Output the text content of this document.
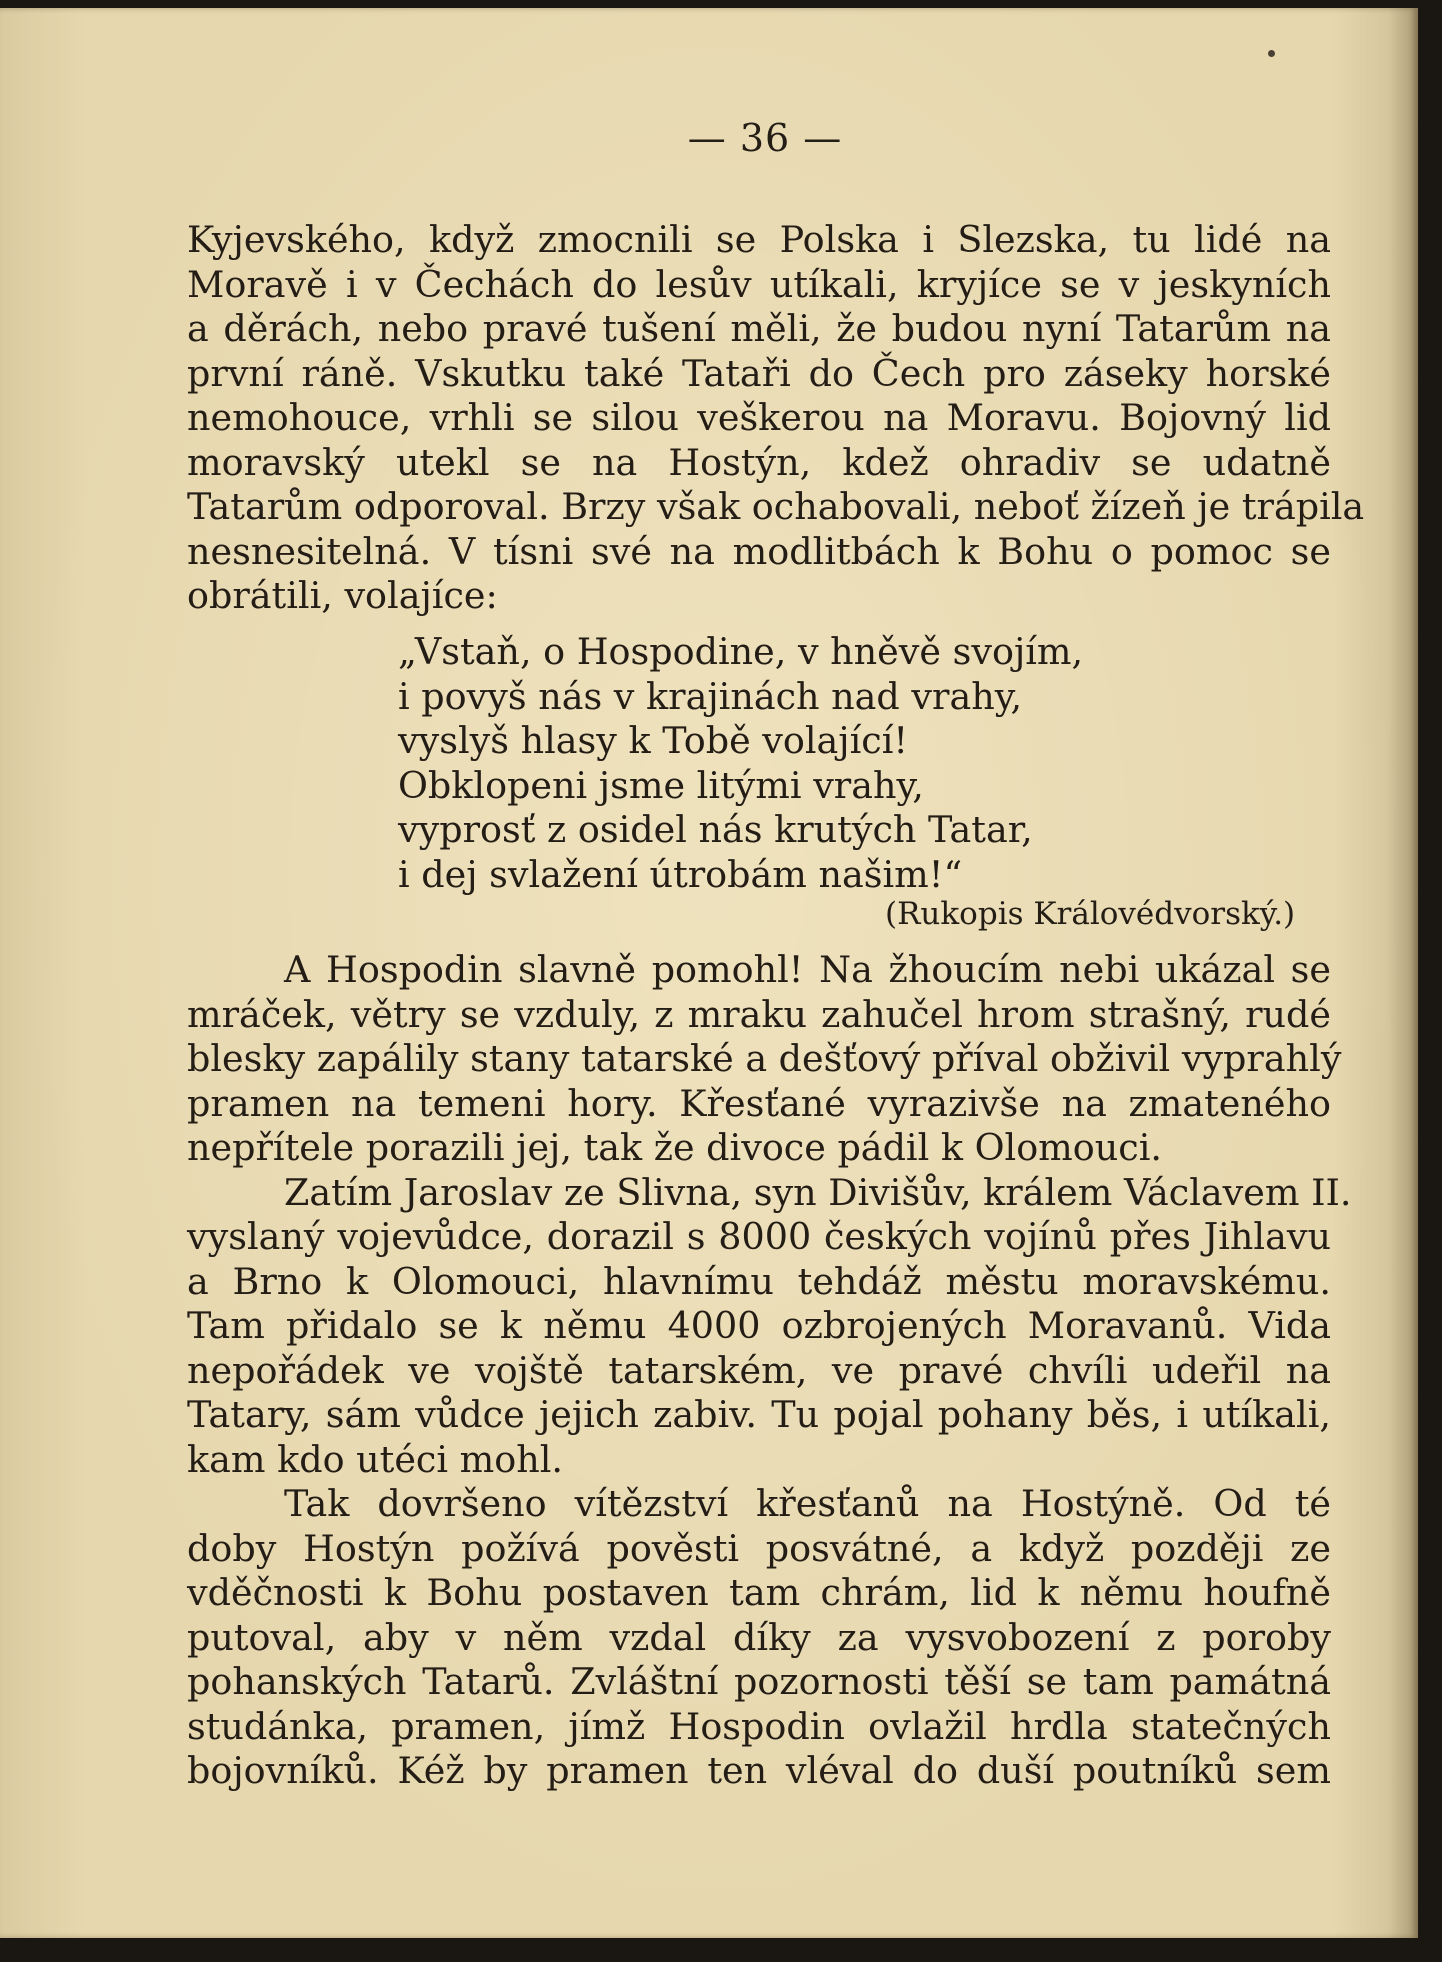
— 36 —
Kyjevského, když zmocnili se Polska i Slezska, tu lidé na
Moravě i v Čechách do lesův utíkali, kryjíce se v jeskyních
a děrách, nebo pravé tušení měli, že budou nyní Tatarům na
první ráně. Vskutku také Tataři do Čech pro záseky horské
nemohouce, vrhli se silou veškerou na Moravu. Bojovný lid
moravský utekl se na Hostýn, kdež ohradiv se udatně
Tatarům odporoval. Brzy však ochabovali, neboť žízeň je trápila
nesnesitelná. V tísni své na modlitbách k Bohu o pomoc se
obrátili, volajíce:
„Vstaň, o Hospodine, v hněvě svojím,
i povyš nás v krajinách nad vrahy,
vyslyš hlasy k Tobě volající!
Obklopeni jsme litými vrahy,
vyprosť z osidel nás krutých Tatar,
i dej svlažení útrobám našim!“
(Rukopis Královédvorský.)
A Hospodin slavně pomohl! Na žhoucím nebi ukázal se
mráček, větry se vzduly, z mraku zahučel hrom strašný, rudé
blesky zapálily stany tatarské a dešťový příval obživil vyprahlý
pramen na temeni hory. Křesťané vyrazivše na zmateného
nepřítele porazili jej, tak že divoce pádil k Olomouci.
Zatím Jaroslav ze Slivna, syn Divišův, králem Václavem II.
vyslaný vojevůdce, dorazil s 8000 českých vojínů přes Jihlavu
a Brno k Olomouci, hlavnímu tehdáž městu moravskému.
Tam přidalo se k němu 4000 ozbrojených Moravanů. Vida
nepořádek ve vojště tatarském, ve pravé chvíli udeřil na
Tatary, sám vůdce jejich zabiv. Tu pojal pohany běs, i utíkali,
kam kdo utéci mohl.
Tak dovršeno vítězství křesťanů na Hostýně. Od té
doby Hostýn požívá pověsti posvátné, a když později ze
vděčnosti k Bohu postaven tam chrám, lid k němu houfně
putoval, aby v něm vzdal díky za vysvobození z poroby
pohanských Tatarů. Zvláštní pozornosti těší se tam památná
studánka, pramen, jímž Hospodin ovlažil hrdla statečných
bojovníků. Kéž by pramen ten vléval do duší poutníků sem
